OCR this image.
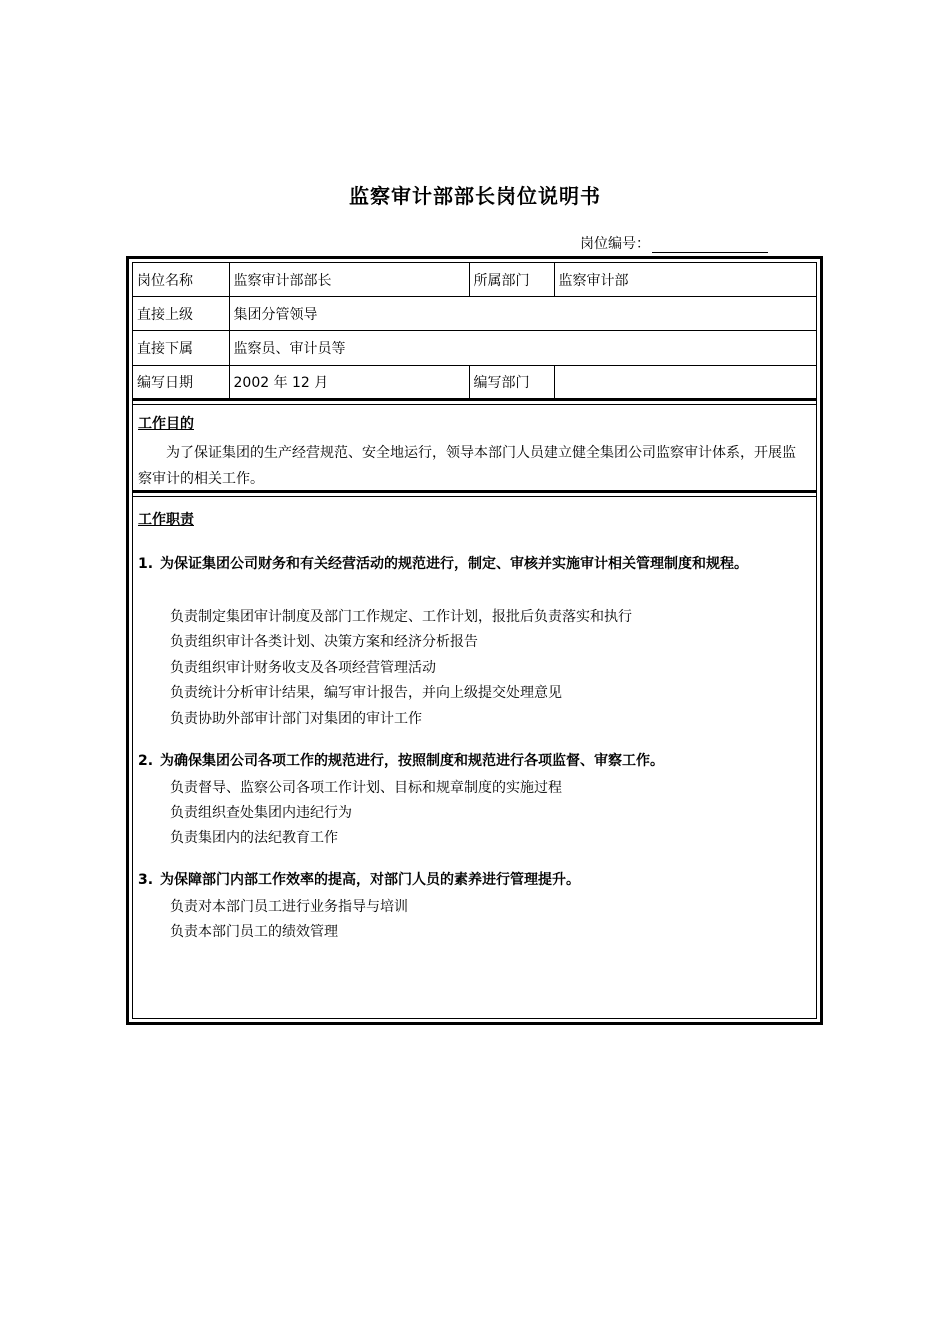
监察审计部部长岗位说明书
岗位编号：
岗位名称	监察审计部部长	所属部门	监察审计部
直接上级	集团分管领导		
直接下属	监察员、审计员等		
编写日期	2002 年 12 月	编写部门	
工作目的
为了保证集团的生产经营规范、安全地运行，领导本部门人员建立健全集团公司监察审计体系，开展监察审计的相关工作。
工作职责
1. 为保证集团公司财务和有关经营活动的规范进行，制定、审核并实施审计相关管理制度和规程。
负责制定集团审计制度及部门工作规定、工作计划，报批后负责落实和执行
负责组织审计各类计划、决策方案和经济分析报告
负责组织审计财务收支及各项经营管理活动
负责统计分析审计结果，编写审计报告，并向上级提交处理意见
负责协助外部审计部门对集团的审计工作
2. 为确保集团公司各项工作的规范进行，按照制度和规范进行各项监督、审察工作。
负责督导、监察公司各项工作计划、目标和规章制度的实施过程
负责组织查处集团内违纪行为
负责集团内的法纪教育工作
3. 为保障部门内部工作效率的提高，对部门人员的素养进行管理提升。
负责对本部门员工进行业务指导与培训
负责本部门员工的绩效管理
